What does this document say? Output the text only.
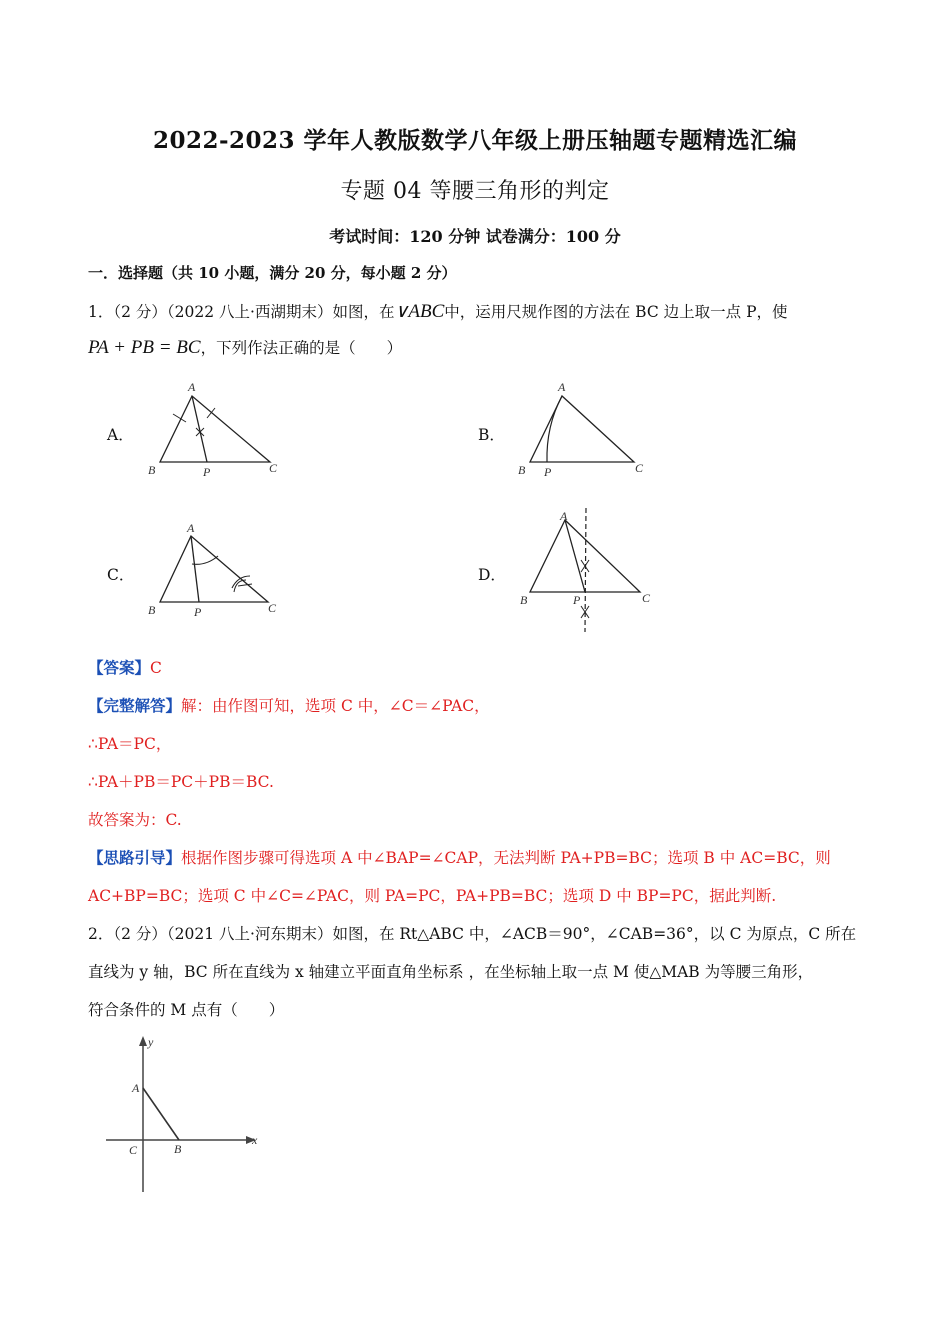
2022-2023 学年人教版数学八年级上册压轴题专题精选汇编
专题 04 等腰三角形的判定
考试时间：120 分钟 试卷满分：100 分
一．选择题（共 10 小题，满分 20 分，每小题 2 分）
1．（2 分）（2022 八上·西湖期末）如图，在∨ABC中，运用尺规作图的方法在 BC 边上取一点 P，使
PA + PB = BC，下列作法正确的是（　　）
A．
A
B	P	C
B．
A
B P	C
C．
A
B	P	C
D．
A
B	P	C
【答案】C
【完整解答】解：由作图可知，选项 C 中，∠C＝∠PAC，
∴PA＝PC，
∴PA＋PB＝PC＋PB＝BC.
故答案为：C.
【思路引导】根据作图步骤可得选项 A 中∠BAP=∠CAP，无法判断 PA+PB=BC；选项 B 中 AC=BC，则
AC+BP=BC；选项 C 中∠C=∠PAC，则 PA=PC，PA+PB=BC；选项 D 中 BP=PC，据此判断.
2．（2 分）（2021 八上·河东期末）如图，在 Rt△ABC 中，∠ACB＝90°，∠CAB=36°，以 C 为原点，C 所在
直线为 y 轴，BC 所在直线为 x 轴建立平面直角坐标系 ，在坐标轴上取一点 M 使△MAB 为等腰三角形，
符合条件的 M 点有（　　）
y
x
A
C	B
